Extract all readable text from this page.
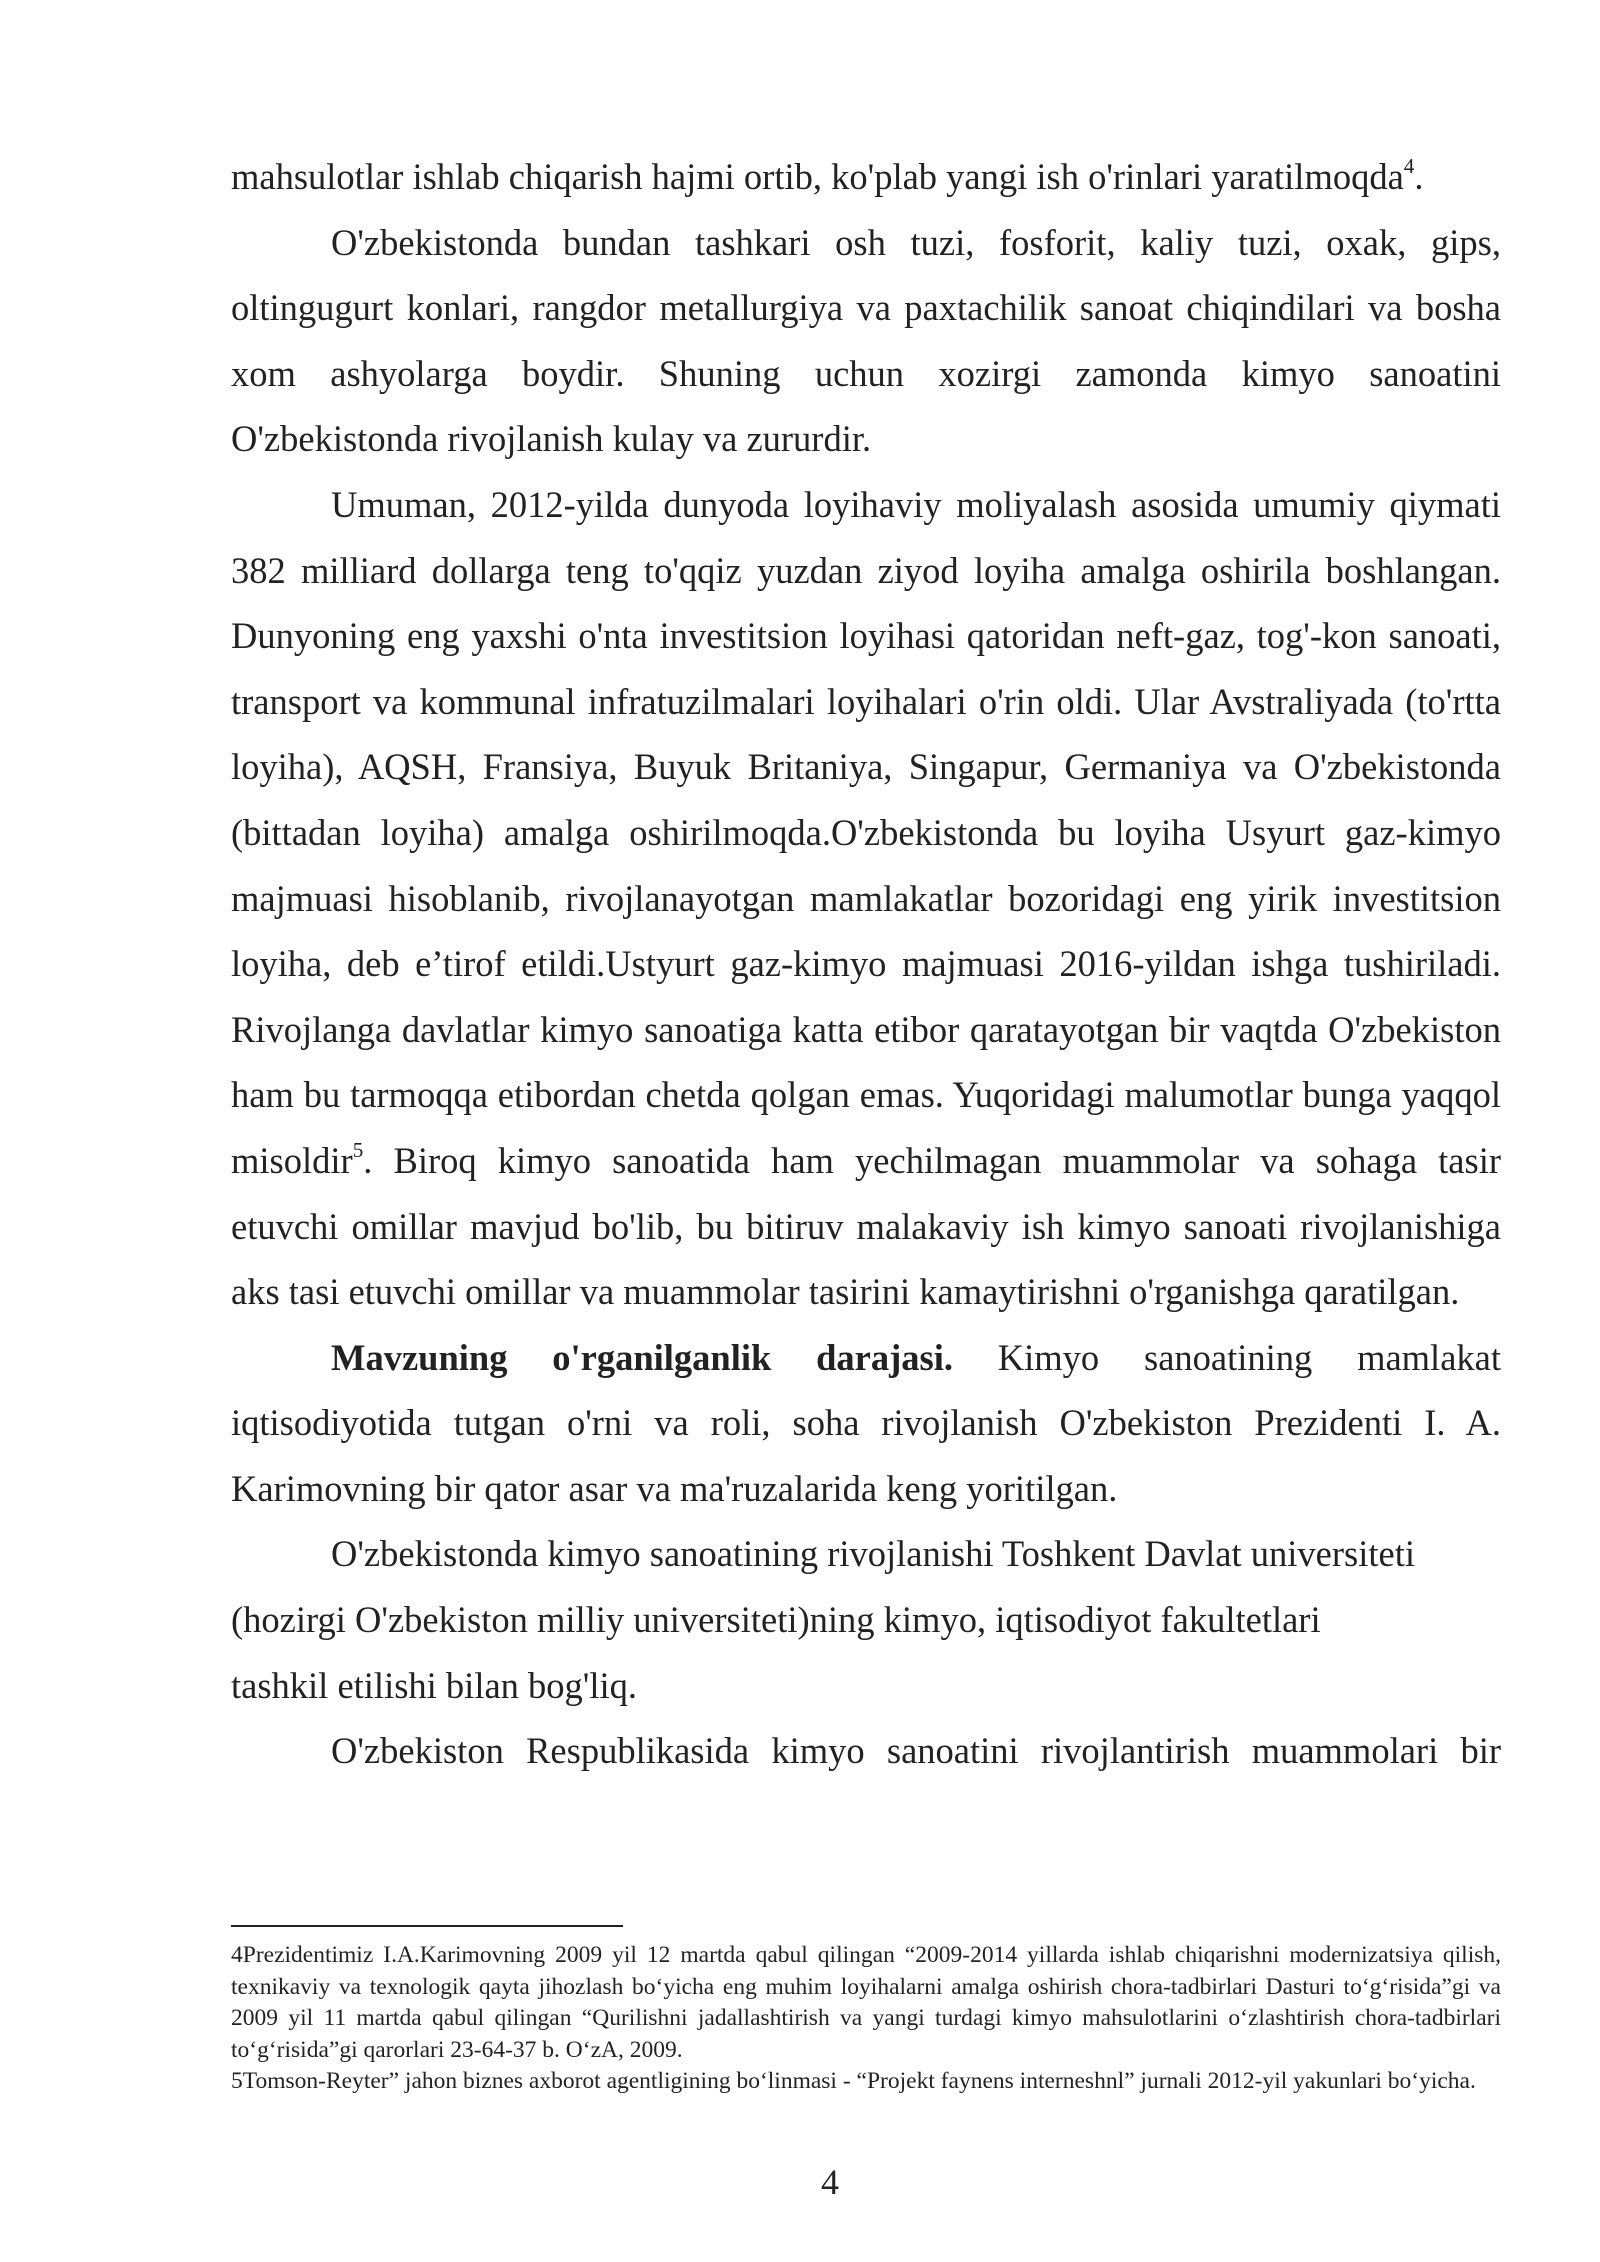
mahsulotlar ishlab chiqarish hajmi ortib, ko'plab yangi ish o'rinlari yaratilmoqda$^4$.

O'zbekistonda bundan tashkari osh tuzi, fosforit, kaliy tuzi, oxak, gips, oltingugurt konlari, rangdor metallurgiya va paxtachilik sanoat chiqindilari va bosha xom ashyolarga boydir. Shuning uchun xozirgi zamonda kimyo sanoatini O'zbekistonda rivojlanish kulay va zururdir.

Umuman, 2012-yilda dunyoda loyihaviy moliyalash asosida umumiy qiymati 382 milliard dollarga teng to'qqiz yuzdan ziyod loyiha amalga oshirila boshlangan. Dunyoning eng yaxshi o'nta investitsion loyihasi qatoridan neft-gaz, tog'-kon sanoati, transport va kommunal infratuzilmalari loyihalari o'rin oldi. Ular Avstraliyada (to'rtta loyiha), AQSH, Fransiya, Buyuk Britaniya, Singapur, Germaniya va O'zbekistonda (bittadan loyiha) amalga oshirilmoqda.O'zbekistonda bu loyiha Usyurt gaz-kimyo majmuasi hisoblanib, rivojlanayotgan mamlakatlar bozoridagi eng yirik investitsion loyiha, deb e’tirof etildi.Ustyurt gaz-kimyo majmuasi 2016-yildan ishga tushiriladi. Rivojlanga davlatlar kimyo sanoatiga katta etibor qaratayotgan bir vaqtda O'zbekiston ham bu tarmoqqa etibordan chetda qolgan emas. Yuqoridagi malumotlar bunga yaqqol misoldir$^5$. Biroq kimyo sanoatida ham yechilmagan muammolar va sohaga tasir etuvchi omillar mavjud bo'lib, bu bitiruv malakaviy ish kimyo sanoati rivojlanishiga aks tasi etuvchi omillar va muammolar tasirini kamaytirishni o'rganishga qaratilgan.

Mavzuning o'rganilganlik darajasi. Kimyo sanoatining mamlakat iqtisodiyotida tutgan o'rni va roli, soha rivojlanish O'zbekiston Prezidenti I. A. Karimovning bir qator asar va ma'ruzalarida keng yoritilgan.

O'zbekistonda kimyo sanoatining rivojlanishi Toshkent Davlat universiteti (hozirgi O'zbekiston milliy universiteti)ning kimyo, iqtisodiyot fakultetlari

tashkil etilishi bilan bog'liq.

O'zbekiston Respublikasida kimyo sanoatini rivojlantirish muammolari bir

4Prezidentimiz I.A.Karimovning 2009 yil 12 martda qabul qilingan “2009-2014 yillarda ishlab chiqarishni modernizatsiya qilish, texnikaviy va texnologik qayta jihozlash bo‘yicha eng muhim loyihalarni amalga oshirish chora-tadbirlari Dasturi to‘g‘risida”gi va 2009 yil 11 martda qabul qilingan “Qurilishni jadallashtirish va yangi turdagi kimyo mahsulotlarini o‘zlashtirish chora-tadbirlari to‘g‘risida”gi qarorlari 23-64-37 b. O‘zA, 2009.

5Tomson-Reyter” jahon biznes axborot agentligining bo‘linmasi - “Projekt faynens interneshnl” jurnali 2012-yil yakunlari bo‘yicha.

4
